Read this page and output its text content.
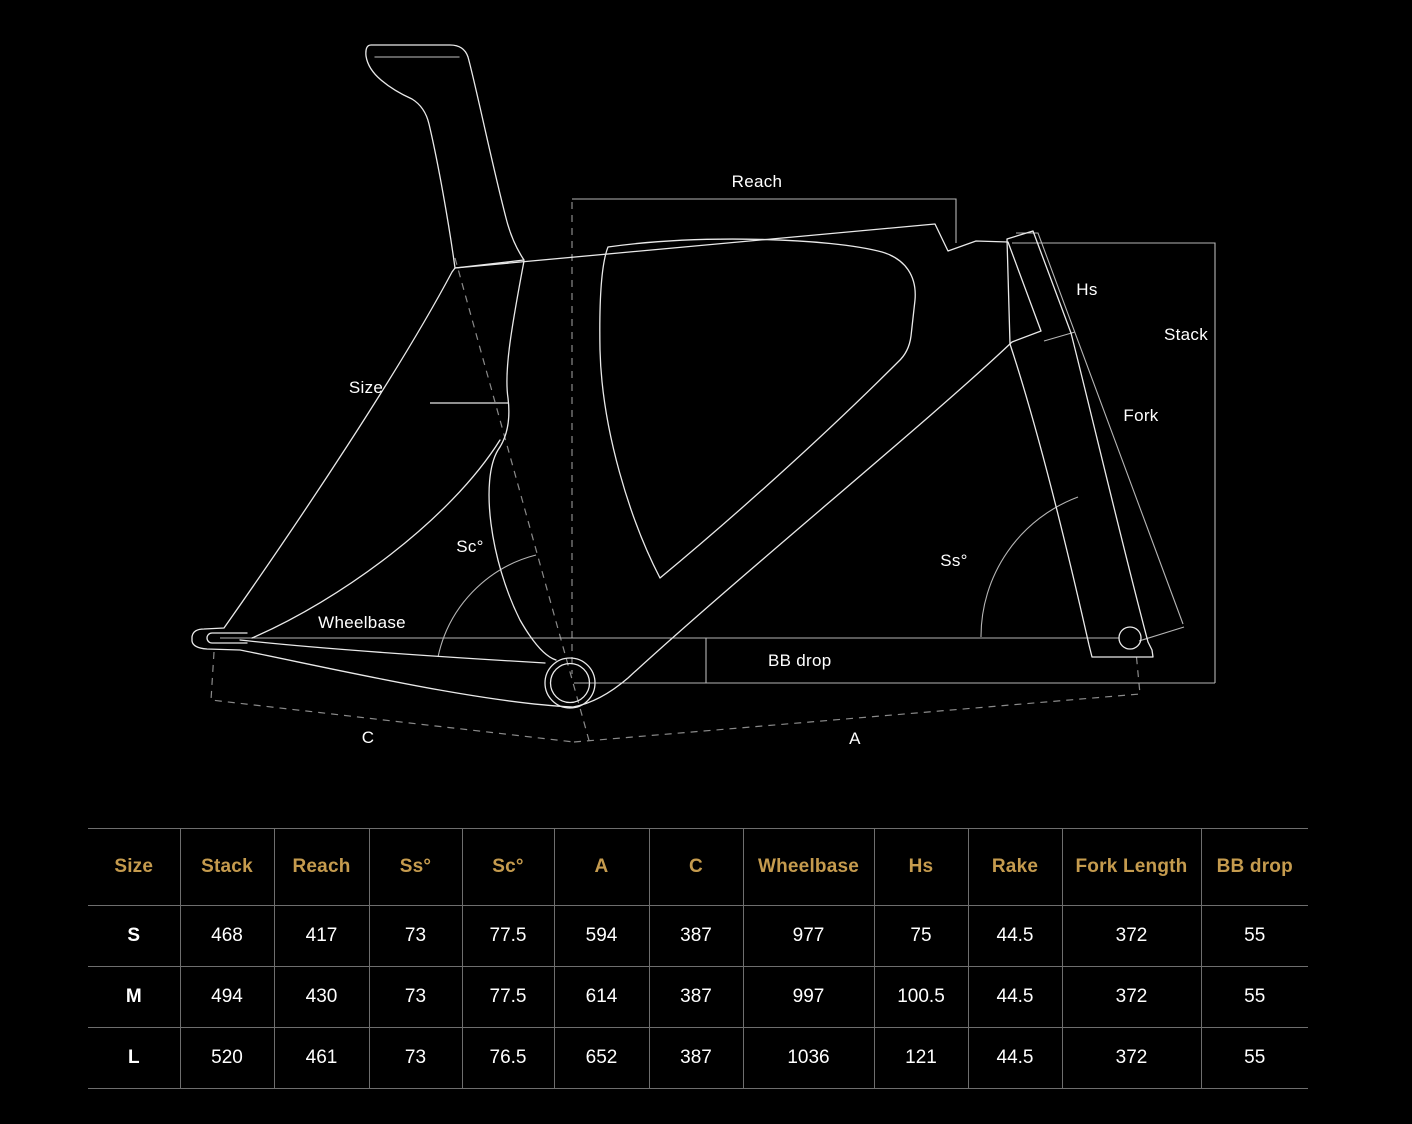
Reach
Hs
Stack
Size
Fork
Sc°
Ss°
Wheelbase
BB drop
C	A
Size	Stack	Reach	Ss°	Sc°	A	C	Wheelbase	Hs	Rake	Fork Length	BB drop
S	468	417	73	77.5	594	387	977	75	44.5	372	55
M	494	430	73	77.5	614	387	997	100.5	44.5	372	55
L	520	461	73	76.5	652	387	1036	121	44.5	372	55
